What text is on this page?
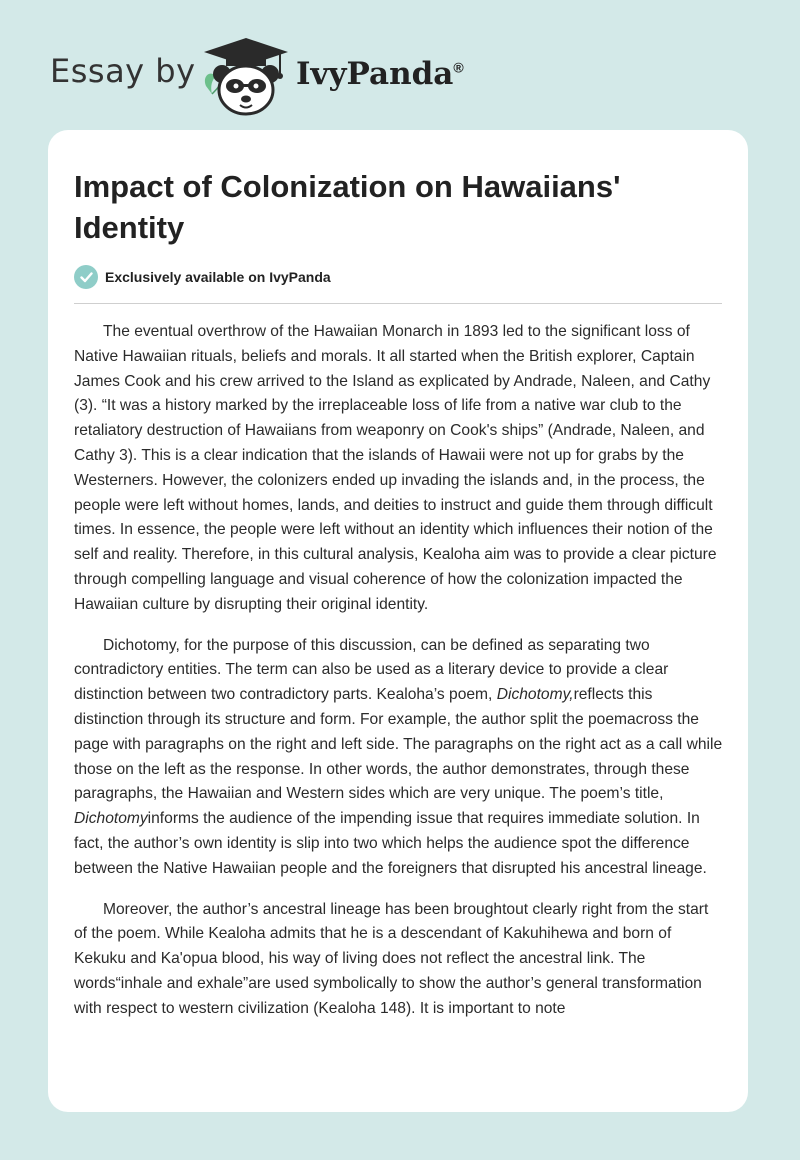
Essay by	IvyPanda®
Impact of Colonization on Hawaiians' Identity
Exclusively available on IvyPanda

The eventual overthrow of the Hawaiian Monarch in 1893 led to the significant loss of Native Hawaiian rituals, beliefs and morals. It all started when the British explorer, Captain James Cook and his crew arrived to the Island as explicated by Andrade, Naleen, and Cathy (3). “It was a history marked by the irreplaceable loss of life from a native war club to the retaliatory destruction of Hawaiians from weaponry on Cook's ships” (Andrade, Naleen, and Cathy 3). This is a clear indication that the islands of Hawaii were not up for grabs by the Westerners. However, the colonizers ended up invading the islands and, in the process, the people were left without homes, lands, and deities to instruct and guide them through difficult times. In essence, the people were left without an identity which influences their notion of the self and reality. Therefore, in this cultural analysis, Kealoha aim was to provide a clear picture through compelling language and visual coherence of how the colonization impacted the Hawaiian culture by disrupting their original identity.

Dichotomy, for the purpose of this discussion, can be defined as separating two contradictory entities. The term can also be used as a literary device to provide a clear distinction between two contradictory parts. Kealoha’s poem, Dichotomy,reflects this distinction through its structure and form. For example, the author split the poemacross the page with paragraphs on the right and left side. The paragraphs on the right act as a call while those on the left as the response. In other words, the author demonstrates, through these paragraphs, the Hawaiian and Western sides which are very unique. The poem’s title, Dichotomyinforms the audience of the impending issue that requires immediate solution. In fact, the author’s own identity is slip into two which helps the audience spot the difference between the Native Hawaiian people and the foreigners that disrupted his ancestral lineage.

Moreover, the author’s ancestral lineage has been broughtout clearly right from the start of the poem. While Kealoha admits that he is a descendant of Kakuhihewa and born of Kekuku and Ka'opua blood, his way of living does not reflect the ancestral link. The words“inhale and exhale”are used symbolically to show the author’s general transformation with respect to western civilization (Kealoha 148). It is important to note
